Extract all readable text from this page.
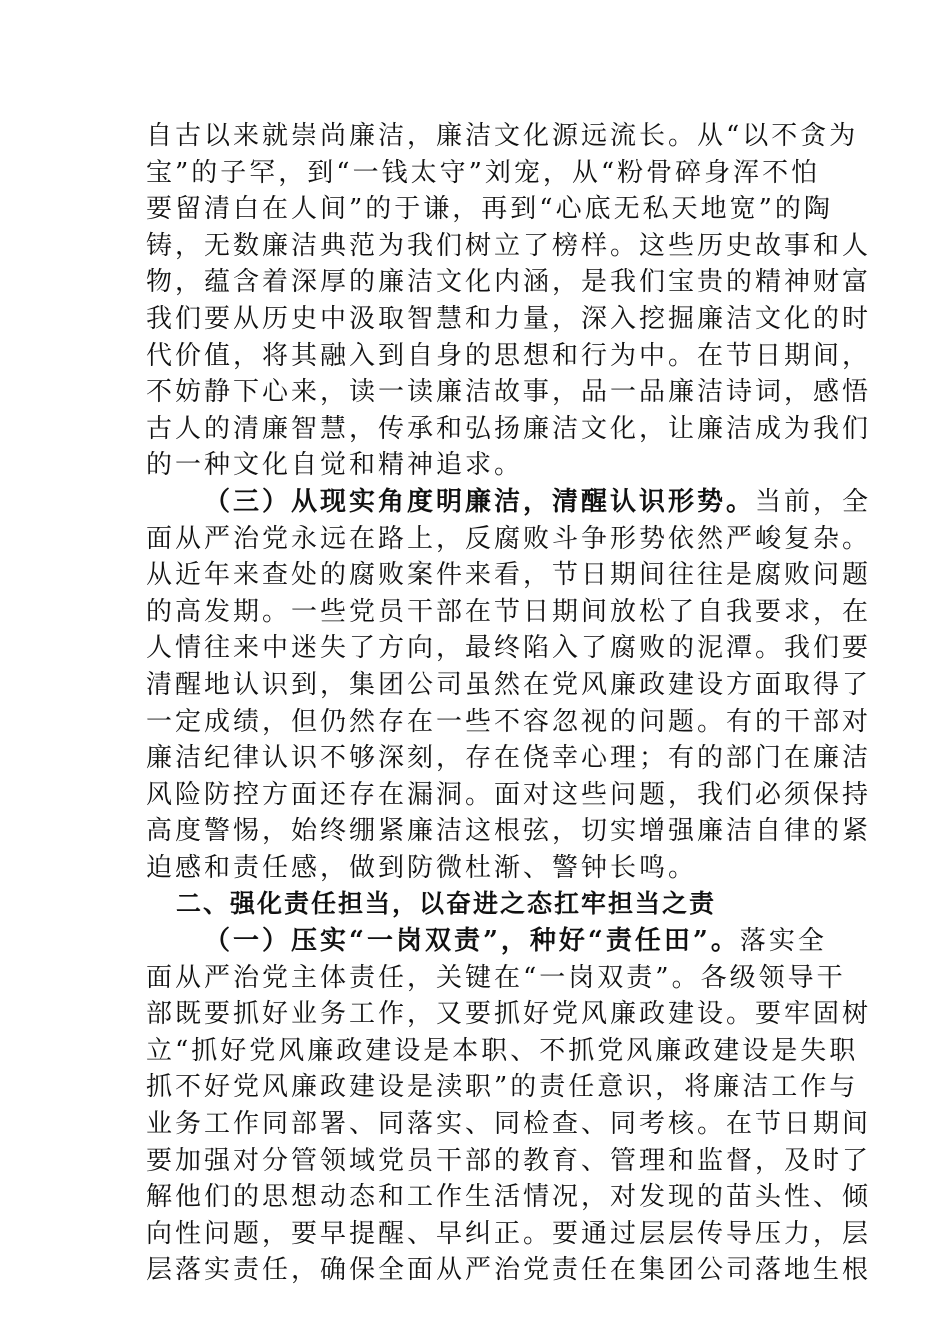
自古以来就崇尚廉洁，廉洁文化源远流长。从“以不贪为
宝”的子罕，到“一钱太守”刘宠，从“粉骨碎身浑不怕
要留清白在人间”的于谦，再到“心底无私天地宽”的陶
铸，无数廉洁典范为我们树立了榜样。这些历史故事和人
物，蕴含着深厚的廉洁文化内涵，是我们宝贵的精神财富
我们要从历史中汲取智慧和力量，深入挖掘廉洁文化的时
代价值，将其融入到自身的思想和行为中。在节日期间，
不妨静下心来，读一读廉洁故事，品一品廉洁诗词，感悟
古人的清廉智慧，传承和弘扬廉洁文化，让廉洁成为我们
的一种文化自觉和精神追求。
（三）从现实角度明廉洁，清醒认识形势。当前，全
面从严治党永远在路上，反腐败斗争形势依然严峻复杂。
从近年来查处的腐败案件来看，节日期间往往是腐败问题
的高发期。一些党员干部在节日期间放松了自我要求，在
人情往来中迷失了方向，最终陷入了腐败的泥潭。我们要
清醒地认识到，集团公司虽然在党风廉政建设方面取得了
一定成绩，但仍然存在一些不容忽视的问题。有的干部对
廉洁纪律认识不够深刻，存在侥幸心理；有的部门在廉洁
风险防控方面还存在漏洞。面对这些问题，我们必须保持
高度警惕，始终绷紧廉洁这根弦，切实增强廉洁自律的紧
迫感和责任感，做到防微杜渐、警钟长鸣。
二、强化责任担当，以奋进之态扛牢担当之责
（一）压实“一岗双责”，种好“责任田”。落实全
面从严治党主体责任，关键在“一岗双责”。各级领导干
部既要抓好业务工作，又要抓好党风廉政建设。要牢固树
立“抓好党风廉政建设是本职、不抓党风廉政建设是失职
抓不好党风廉政建设是渎职”的责任意识，将廉洁工作与
业务工作同部署、同落实、同检查、同考核。在节日期间
要加强对分管领域党员干部的教育、管理和监督，及时了
解他们的思想动态和工作生活情况，对发现的苗头性、倾
向性问题，要早提醒、早纠正。要通过层层传导压力，层
层落实责任，确保全面从严治党责任在集团公司落地生根
